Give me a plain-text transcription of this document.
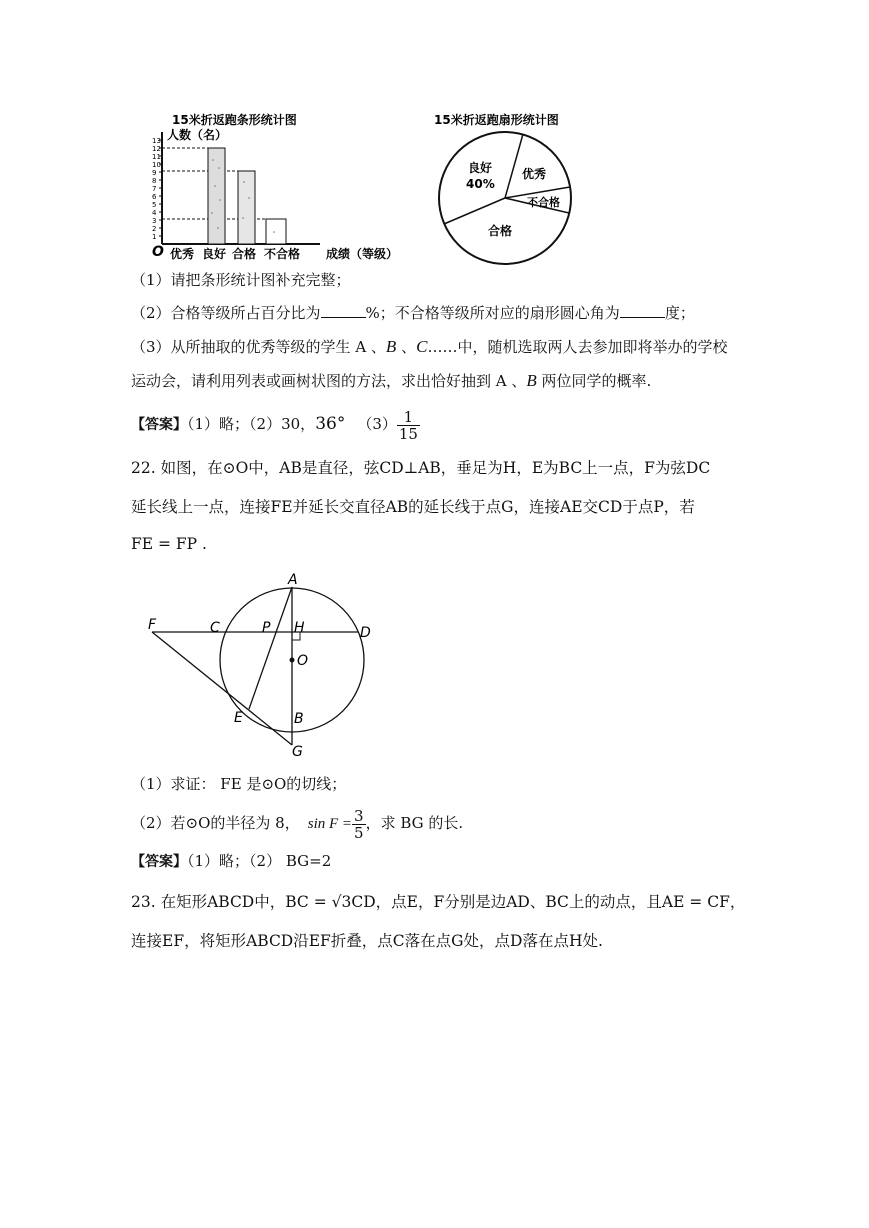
15米折返跑条形统计图
人数（名）
13
12
11
10
9
8
7
6
5
4
3
2
1
O 优秀 良好 合格 不合格 成绩（等级）
15米折返跑扇形统计图
良好
40%
优秀
不合格
合格
（1）请把条形统计图补充完整；
（2）合格等级所占百分比为	%；不合格等级所对应的扇形圆心角为	度；
（3）从所抽取的优秀等级的学生 A 、B 、C……中，随机选取两人去参加即将举办的学校
运动会，请利用列表或画树状图的方法，求出恰好抽到 A 、B 两位同学的概率.
【答案】（1）略；（2）30，36° $(3) \frac{1}{15}$
22. 如图，在⊙O中，AB是直径，弦CD⊥AB，垂足为H，E为BC上一点，F为弦DC
延长线上一点，连接FE并延长交直径AB的延长线于点G，连接AE交CD于点P，若
FE = FP .
A
F	C	P H	D
O
E	B
G
（1）求证： FE 是⊙O的切线；
（2）若⊙O的半径为 8， $\sin F = \frac{3}{5}$ ，求 BG 的长.
【答案】（1）略；（2） BG=2
23. 在矩形ABCD中，BC = √3CD，点E，F分别是边AD、BC上的动点，且AE = CF，
连接EF，将矩形ABCD沿EF折叠，点C落在点G处，点D落在点H处.
